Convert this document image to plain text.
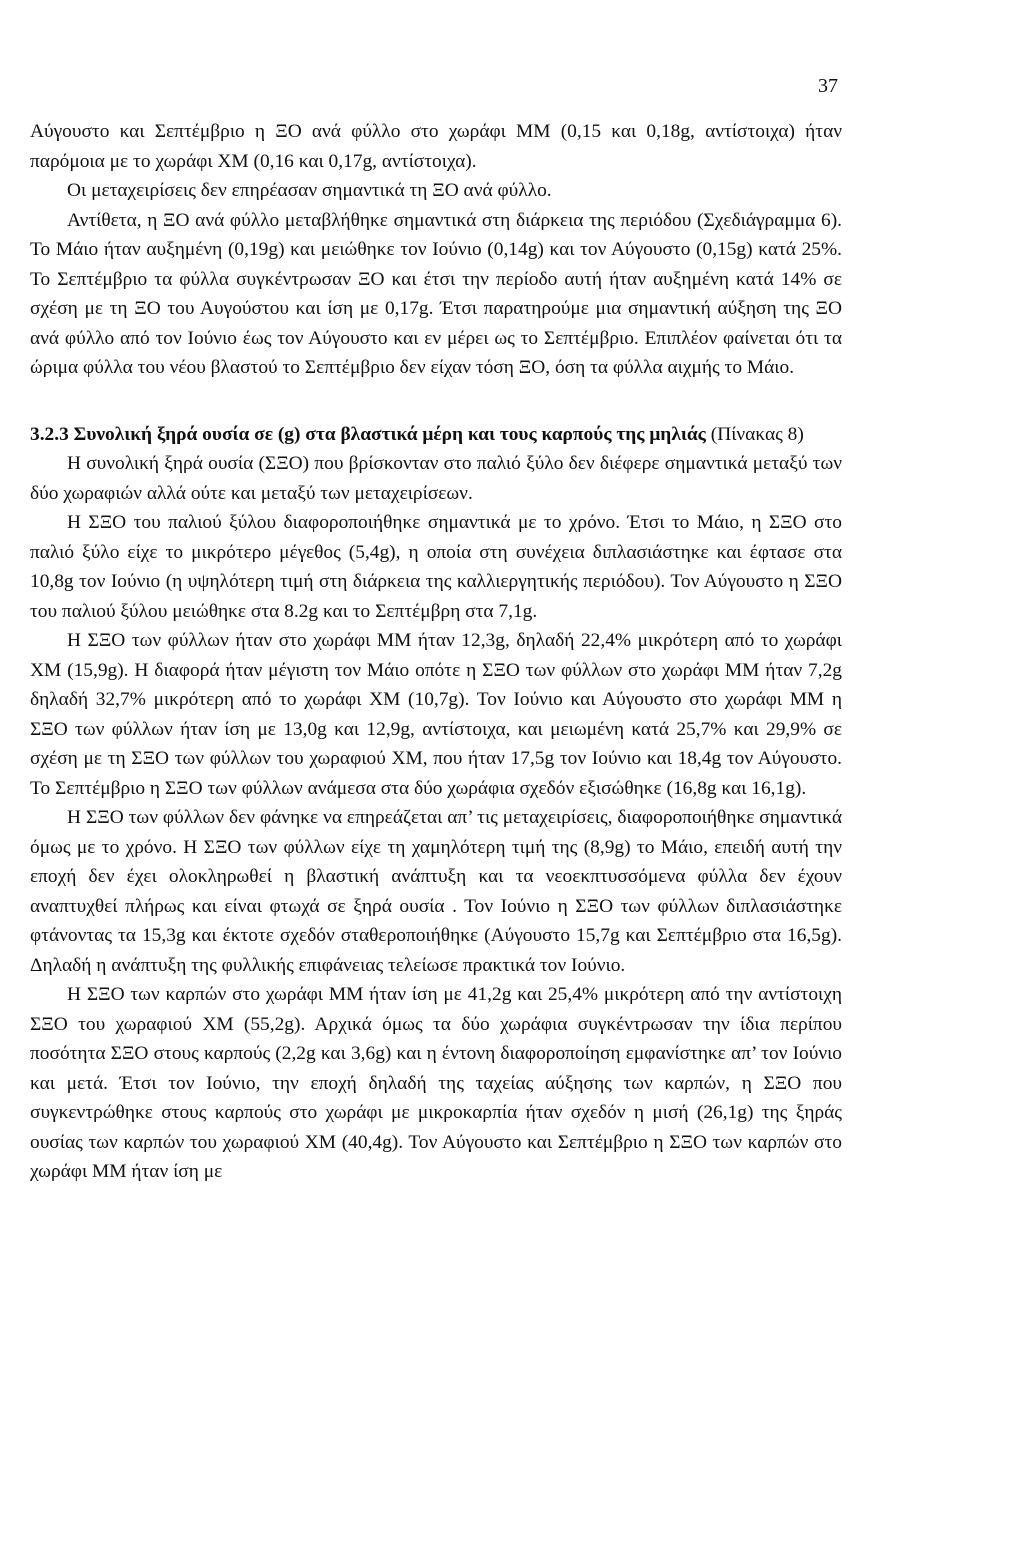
37

Αύγουστο και Σεπτέμβριο η ΞΟ ανά φύλλο στο χωράφι ΜΜ (0,15 και 0,18g, αντίστοιχα) ήταν παρόμοια με το χωράφι ΧΜ (0,16 και 0,17g, αντίστοιχα).

Οι μεταχειρίσεις δεν επηρέασαν σημαντικά τη ΞΟ ανά φύλλο.

Αντίθετα, η ΞΟ ανά φύλλο μεταβλήθηκε σημαντικά στη διάρκεια της περιόδου (Σχεδιάγραμμα 6). Το Μάιο ήταν αυξημένη (0,19g) και μειώθηκε τον Ιούνιο (0,14g) και τον Αύγουστο (0,15g) κατά 25%. Το Σεπτέμβριο τα φύλλα συγκέντρωσαν ΞΟ και έτσι την περίοδο αυτή ήταν αυξημένη κατά 14% σε σχέση με τη ΞΟ του Αυγούστου και ίση με 0,17g. Έτσι παρατηρούμε μια σημαντική αύξηση της ΞΟ ανά φύλλο από τον Ιούνιο έως τον Αύγουστο και εν μέρει ως το Σεπτέμβριο. Επιπλέον φαίνεται ότι τα ώριμα φύλλα του νέου βλαστού το Σεπτέμβριο δεν είχαν τόση ΞΟ, όση τα φύλλα αιχμής το Μάιο.

3.2.3 Συνολική ξηρά ουσία σε (g) στα βλαστικά μέρη και τους καρπούς της μηλιάς (Πίνακας 8)

Η συνολική ξηρά ουσία (ΣΞΟ) που βρίσκονταν στο παλιό ξύλο δεν διέφερε σημαντικά μεταξύ των δύο χωραφιών αλλά ούτε και μεταξύ των μεταχειρίσεων.

Η ΣΞΟ του παλιού ξύλου διαφοροποιήθηκε σημαντικά με το χρόνο. Έτσι το Μάιο, η ΣΞΟ στο παλιό ξύλο είχε το μικρότερο μέγεθος (5,4g), η οποία στη συνέχεια διπλασιάστηκε και έφτασε στα 10,8g τον Ιούνιο (η υψηλότερη τιμή στη διάρκεια της καλλιεργητικής περιόδου). Τον Αύγουστο η ΣΞΟ του παλιού ξύλου μειώθηκε στα 8.2g και το Σεπτέμβρη στα 7,1g.

Η ΣΞΟ των φύλλων ήταν στο χωράφι ΜΜ ήταν 12,3g, δηλαδή 22,4% μικρότερη από το χωράφι ΧΜ (15,9g). Η διαφορά ήταν μέγιστη τον Μάιο οπότε η ΣΞΟ των φύλλων στο χωράφι ΜΜ ήταν 7,2g δηλαδή 32,7% μικρότερη από το χωράφι ΧΜ (10,7g). Τον Ιούνιο και Αύγουστο στο χωράφι ΜΜ η ΣΞΟ των φύλλων ήταν ίση με 13,0g και 12,9g, αντίστοιχα, και μειωμένη κατά 25,7% και 29,9% σε σχέση με τη ΣΞΟ των φύλλων του χωραφιού ΧΜ, που ήταν 17,5g τον Ιούνιο και 18,4g τον Αύγουστο. Το Σεπτέμβριο η ΣΞΟ των φύλλων ανάμεσα στα δύο χωράφια σχεδόν εξισώθηκε (16,8g και 16,1g).

Η ΣΞΟ των φύλλων δεν φάνηκε να επηρεάζεται απ’ τις μεταχειρίσεις, διαφοροποιήθηκε σημαντικά όμως με το χρόνο. Η ΣΞΟ των φύλλων είχε τη χαμηλότερη τιμή της (8,9g) το Μάιο, επειδή αυτή την εποχή δεν έχει ολοκληρωθεί η βλαστική ανάπτυξη και τα νεοεκπτυσσόμενα φύλλα δεν έχουν αναπτυχθεί πλήρως και είναι φτωχά σε ξηρά ουσία . Τον Ιούνιο η ΣΞΟ των φύλλων διπλασιάστηκε φτάνοντας τα 15,3g και έκτοτε σχεδόν σταθεροποιήθηκε (Αύγουστο 15,7g και Σεπτέμβριο στα 16,5g). Δηλαδή η ανάπτυξη της φυλλικής επιφάνειας τελείωσε πρακτικά τον Ιούνιο.

Η ΣΞΟ των καρπών στο χωράφι ΜΜ ήταν ίση με 41,2g και 25,4% μικρότερη από την αντίστοιχη ΣΞΟ του χωραφιού ΧΜ (55,2g). Αρχικά όμως τα δύο χωράφια συγκέντρωσαν την ίδια περίπου ποσότητα ΣΞΟ στους καρπούς (2,2g και 3,6g) και η έντονη διαφοροποίηση εμφανίστηκε απ’ τον Ιούνιο και μετά. Έτσι τον Ιούνιο, την εποχή δηλαδή της ταχείας αύξησης των καρπών, η ΣΞΟ που συγκεντρώθηκε στους καρπούς στο χωράφι με μικροκαρπία ήταν σχεδόν η μισή (26,1g) της ξηράς ουσίας των καρπών του χωραφιού ΧΜ (40,4g). Τον Αύγουστο και Σεπτέμβριο η ΣΞΟ των καρπών στο χωράφι ΜΜ ήταν ίση με
